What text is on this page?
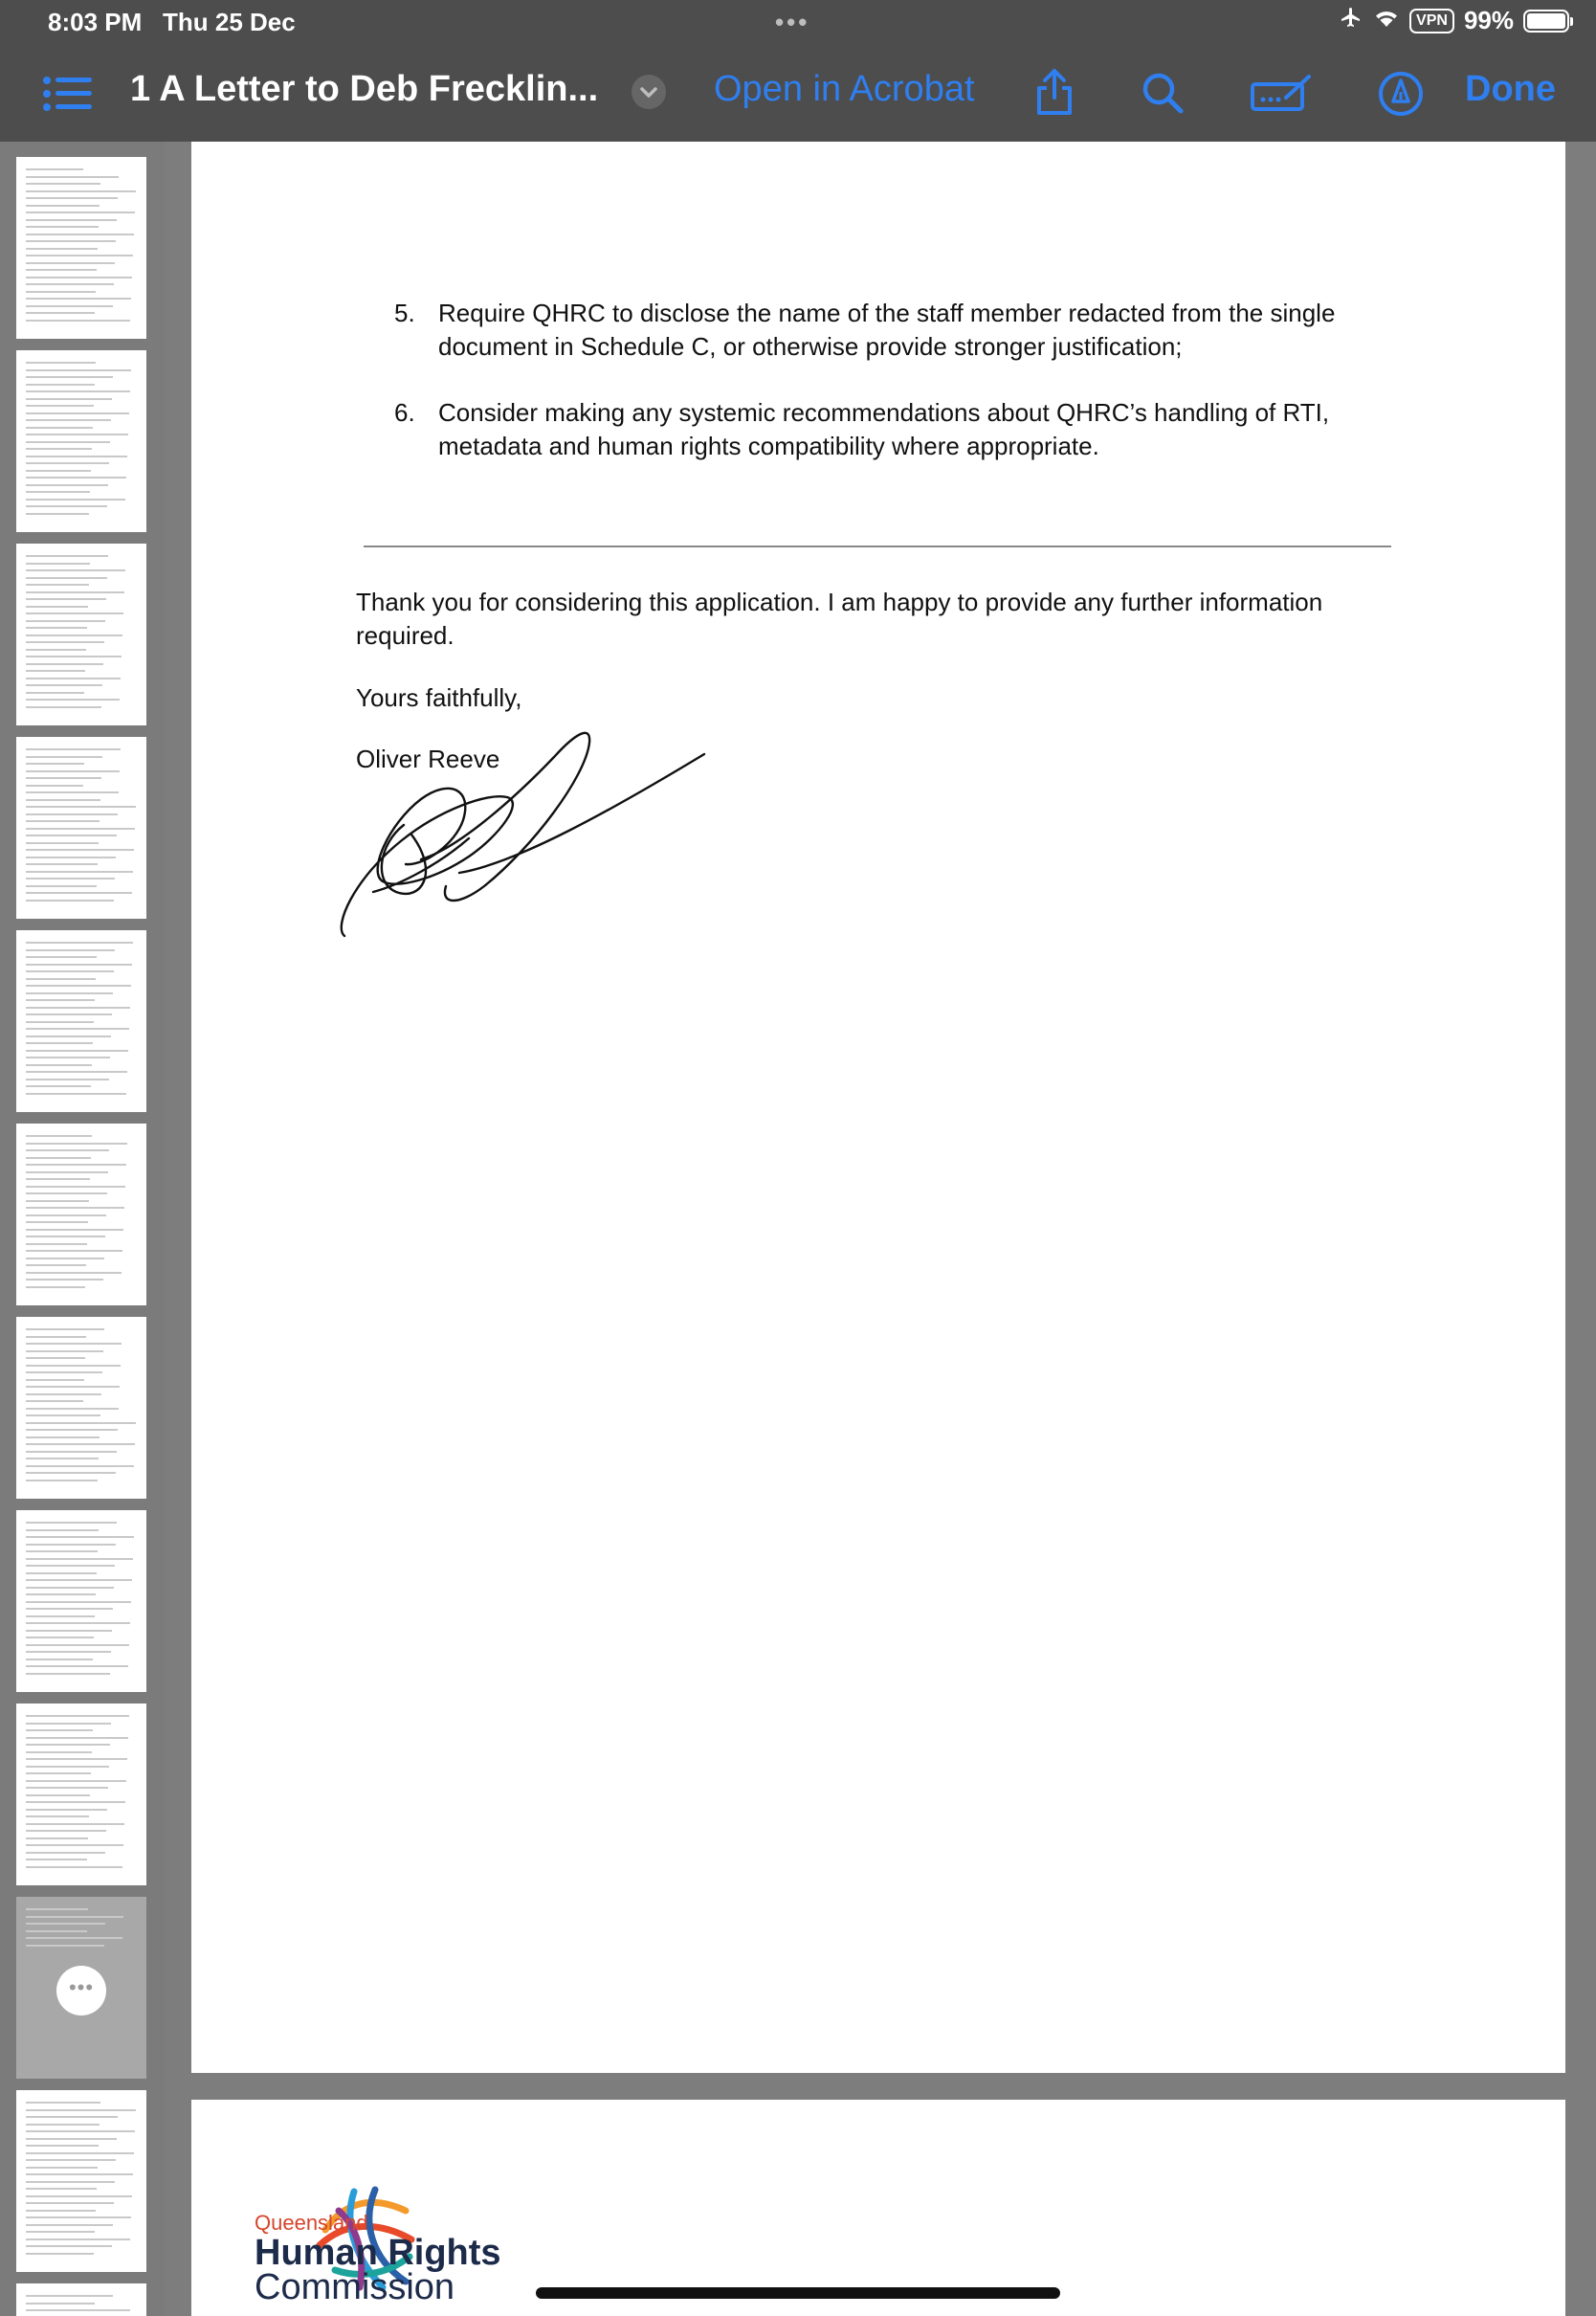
8:03 PM Thu 25 Dec	•••	VPN 99%
1 A Letter to Deb Frecklin...	Open in Acrobat	Done
•••
5. Require QHRC to disclose the name of the staff member redacted from the single document in Schedule C, or otherwise provide stronger justification;
6. Consider making any systemic recommendations about QHRC’s handling of RTI, metadata and human rights compatibility where appropriate.
Thank you for considering this application. I am happy to provide any further information required.
Yours faithfully,
Oliver Reeve
Queensland
Human Rights
Commission
